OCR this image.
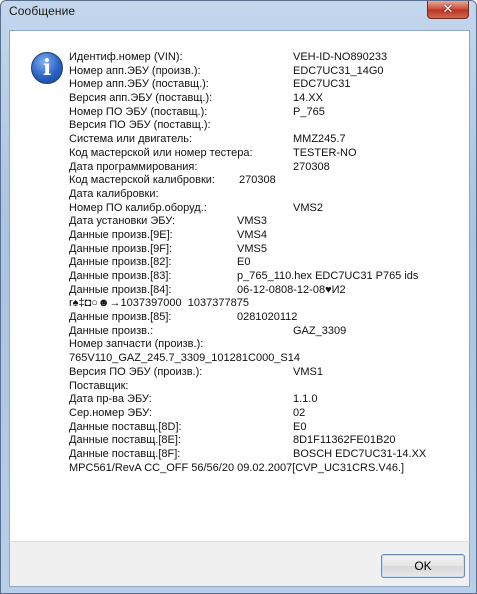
Сообщение	✕
i	Идентиф.номер (VIN):	VEH-ID-NO890233
Номер апп.ЭБУ (произв.):	EDC7UC31_14G0
Номер апп.ЭБУ (поставщ.):	EDC7UC31
Версия апп.ЭБУ (поставщ.):	14.XX
Номер ПО ЭБУ (поставщ.):	P_765
Версия ПО ЭБУ (поставщ.):
Система или двигатель:	MMZ245.7
Код мастерской или номер тестера:	TESTER-NO
Дата программирования:	270308
Код мастерской калибровки: 270308
Дата калибровки:
Номер ПО калибр.оборуд.:	VMS2
Дата установки ЭБУ:	VMS3
Данные произв.[9E]:	VMS4
Данные произв.[9F]:	VMS5
Данные произв.[82]:	E0
Данные произв.[83]:	p_765_110.hex EDC7UC31 P765 ids
Данные произв.[84]:	06-12-0808-12-08♥И2
r♠‡◘○☻→1037397000  1037377875
Данные произв.[85]:	0281020112
Данные произв.:	GAZ_3309
Номер запчасти (произв.):
765V110_GAZ_245.7_3309_101281C000_S14
Версия ПО ЭБУ (произв.):	VMS1
Поставщик:
Дата пр-ва ЭБУ:	1.1.0
Сер.номер ЭБУ:	02
Данные поставщ.[8D]:	E0
Данные поставщ.[8E]:	8D1F11362FE01B20
Данные поставщ.[8F]:	BOSCH EDC7UC31-14.XX
MPC561/RevA CC_OFF 56/56/20 09.02.2007[CVP_UC31CRS.V46.]
OK
